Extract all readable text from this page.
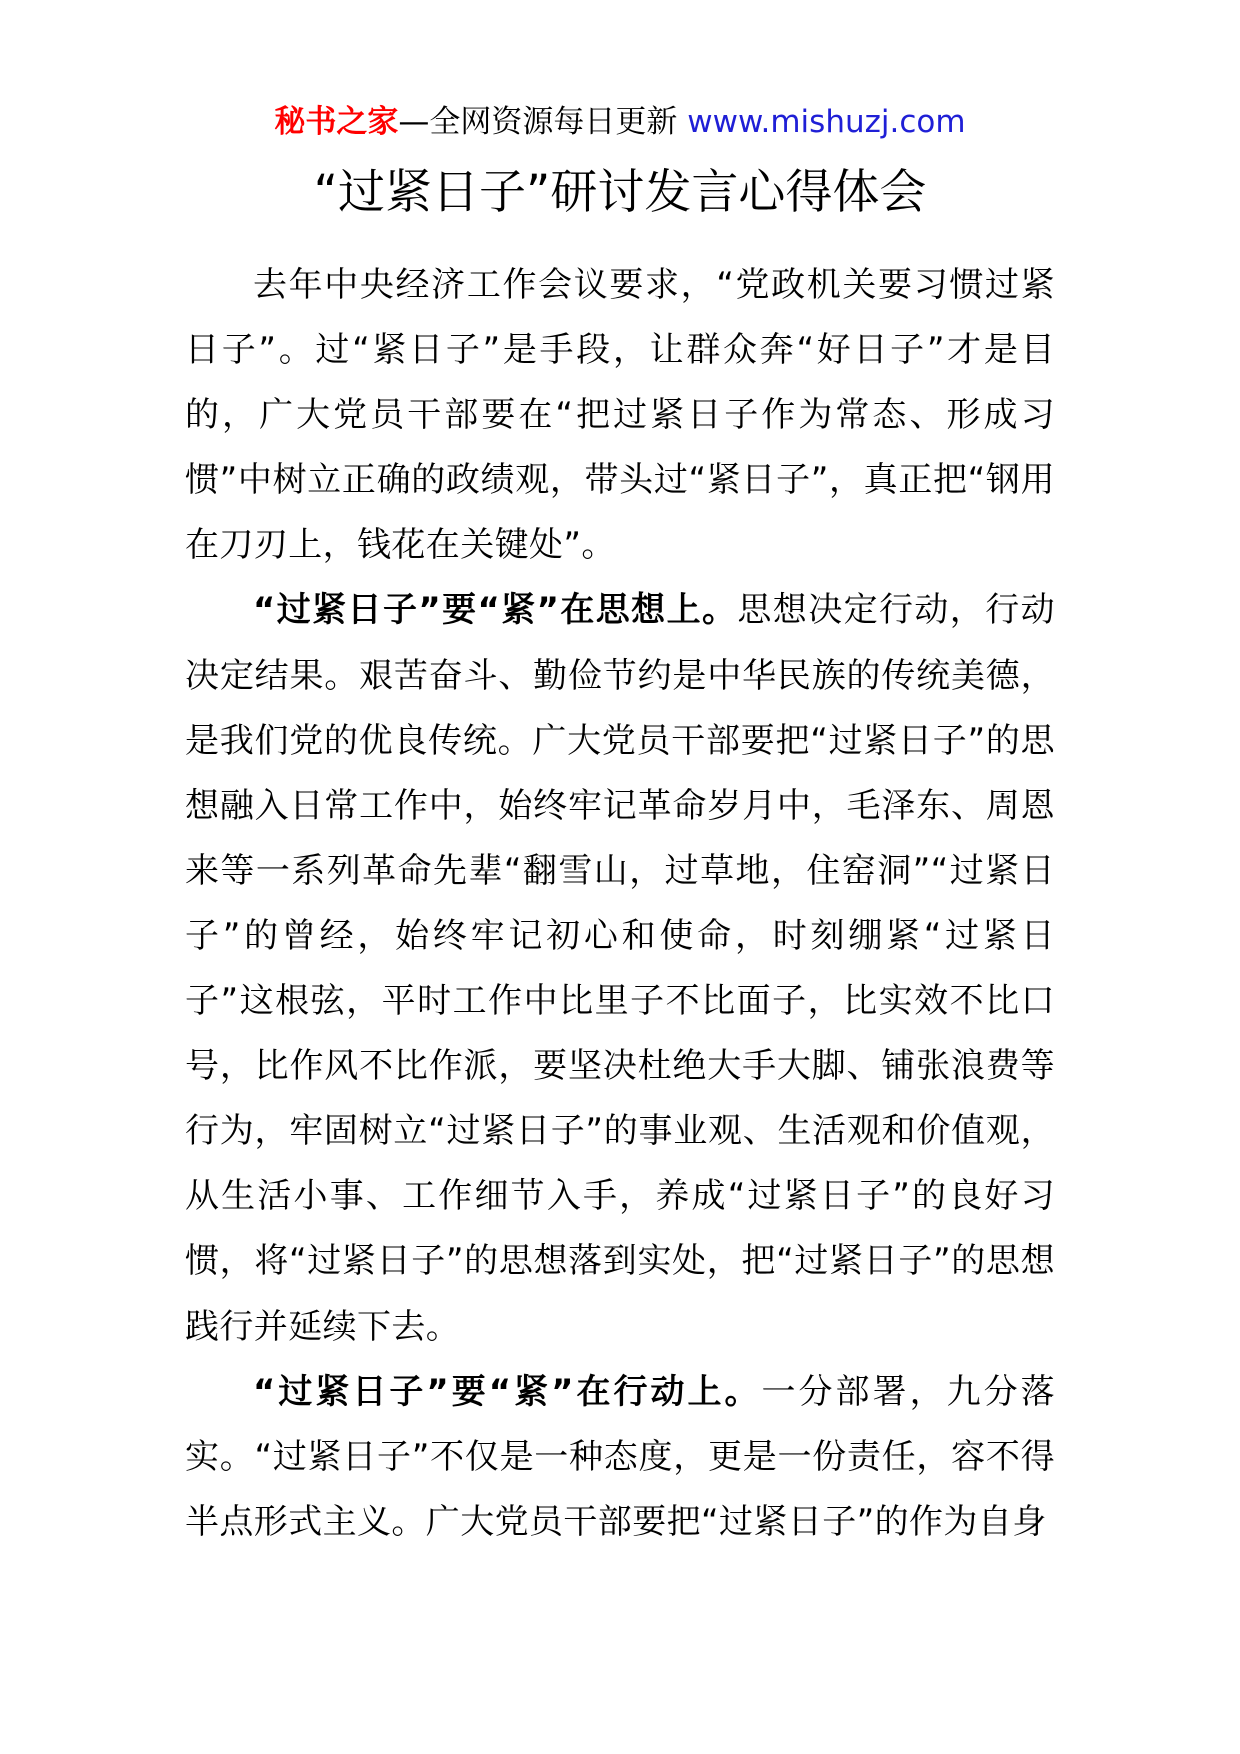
秘书之家—全网资源每日更新 www.mishuzj.com
“过紧日子”研讨发言心得体会

去年中央经济工作会议要求，“党政机关要习惯过紧日子”。过“紧日子”是手段，让群众奔“好日子”才是目的，广大党员干部要在“把过紧日子作为常态、形成习惯”中树立正确的政绩观，带头过“紧日子”，真正把“钢用在刀刃上，钱花在关键处”。

“过紧日子”要“紧”在思想上。思想决定行动，行动决定结果。艰苦奋斗、勤俭节约是中华民族的传统美德，是我们党的优良传统。广大党员干部要把“过紧日子”的思想融入日常工作中，始终牢记革命岁月中，毛泽东、周恩来等一系列革命先辈“翻雪山，过草地，住窑洞”“过紧日子”的曾经，始终牢记初心和使命，时刻绷紧“过紧日子”这根弦，平时工作中比里子不比面子，比实效不比口号，比作风不比作派，要坚决杜绝大手大脚、铺张浪费等行为，牢固树立“过紧日子”的事业观、生活观和价值观，从生活小事、工作细节入手，养成“过紧日子”的良好习惯，将“过紧日子”的思想落到实处，把“过紧日子”的思想践行并延续下去。

“过紧日子”要“紧”在行动上。一分部署，九分落实。“过紧日子”不仅是一种态度，更是一份责任，容不得半点形式主义。广大党员干部要把“过紧日子”的作为自身
